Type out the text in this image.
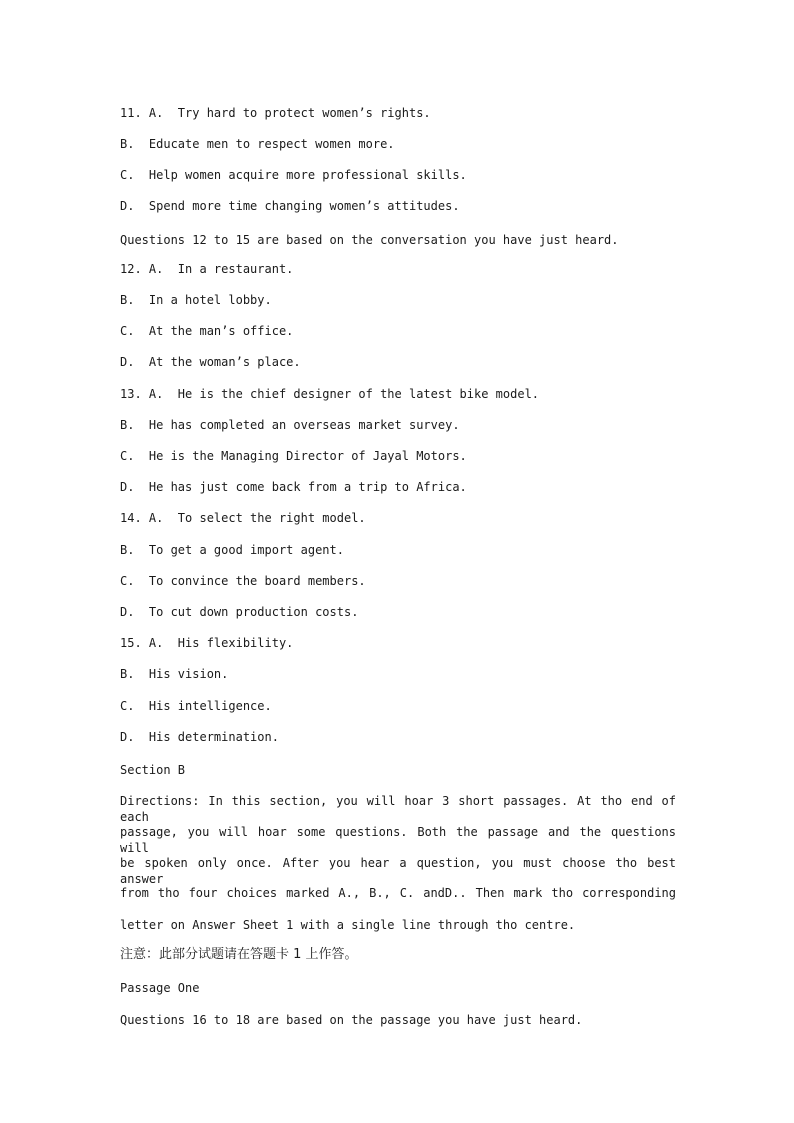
11. A.  Try hard to protect women’s rights.

B.  Educate men to respect women more.

C.  Help women acquire more professional skills.

D.  Spend more time changing women’s attitudes.

Questions 12 to 15 are based on the conversation you have just heard.

12. A.  In a restaurant.

B.  In a hotel lobby.

C.  At the man’s office.

D.  At the woman’s place.

13. A.  He is the chief designer of the latest bike model.

B.  He has completed an overseas market survey.

C.  He is the Managing Director of Jayal Motors.

D.  He has just come back from a trip to Africa.

14. A.  To select the right model.

B.  To get a good import agent.

C.  To convince the board members.

D.  To cut down production costs.

15. A.  His flexibility.

B.  His vision.

C.  His intelligence.

D.  His determination.

Section B

Directions: In this section, you will hoar 3 short passages. At tho end of each
passage, you will hoar some questions. Both the passage and the questions will
be spoken only once. After you hear a question, you must choose tho best answer
from tho four choices marked A., B., C. andD.. Then mark tho corresponding
letter on Answer Sheet 1 with a single line through tho centre.

注意：此部分试题请在答题卡 1 上作答。

Passage One

Questions 16 to 18 are based on the passage you have just heard.
